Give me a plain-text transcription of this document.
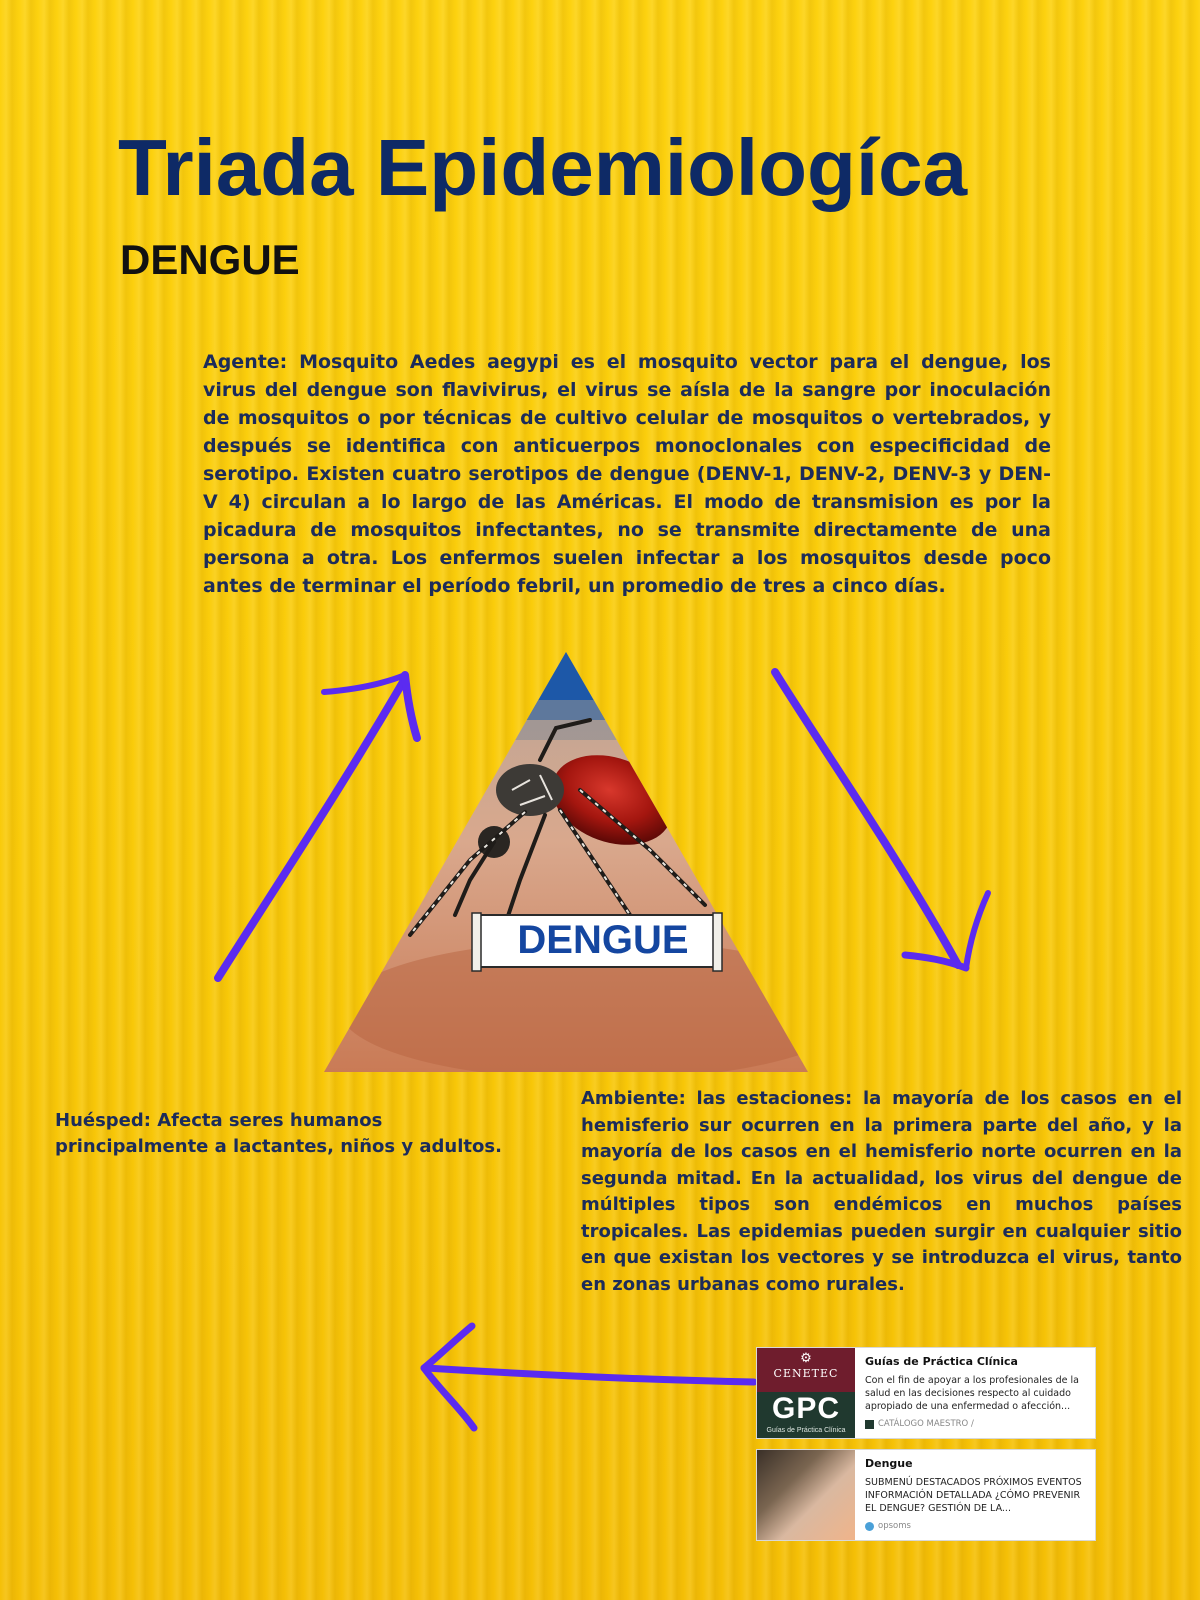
Triada Epidemiologíca
DENGUE

Agente: Mosquito Aedes aegypi es el mosquito vector para el dengue, los virus del dengue son flavivirus, el virus se aísla de la sangre por inoculación de mosquitos o por técnicas de cultivo celular de mosquitos o vertebrados, y después se identifica con anticuerpos monoclonales con especificidad de serotipo. Existen cuatro serotipos de dengue (DENV-1, DENV-2, DENV-3 y DEN-V 4) circulan a lo largo de las Américas. El modo de transmision es por la picadura de mosquitos infectantes, no se transmite directamente de una persona a otra. Los enfermos suelen infectar a los mosquitos desde poco antes de terminar el período febril, un promedio de tres a cinco días.

DENGUE

Huésped: Afecta seres humanos principalmente a lactantes, niños y adultos.

Ambiente: las estaciones: la mayoría de los casos en el hemisferio sur ocurren en la primera parte del año, y la mayoría de los casos en el hemisferio norte ocurren en la segunda mitad. En la actualidad, los virus del dengue de múltiples tipos son endémicos en muchos países tropicales. Las epidemias pueden surgir en cualquier sitio en que existan los vectores y se introduzca el virus, tanto en zonas urbanas como rurales.

⚙
CENETEC
GPC
Guías de Práctica Clínica
Guías de Práctica Clínica
Con el fin de apoyar a los profesionales de la salud en las decisiones respecto al cuidado apropiado de una enfermedad o afección...
CATÁLOGO MAESTRO /
Dengue
SUBMENÚ DESTACADOS PRÓXIMOS EVENTOS INFORMACIÓN DETALLADA ¿CÓMO PREVENIR EL DENGUE? GESTIÓN DE LA...
opsoms
